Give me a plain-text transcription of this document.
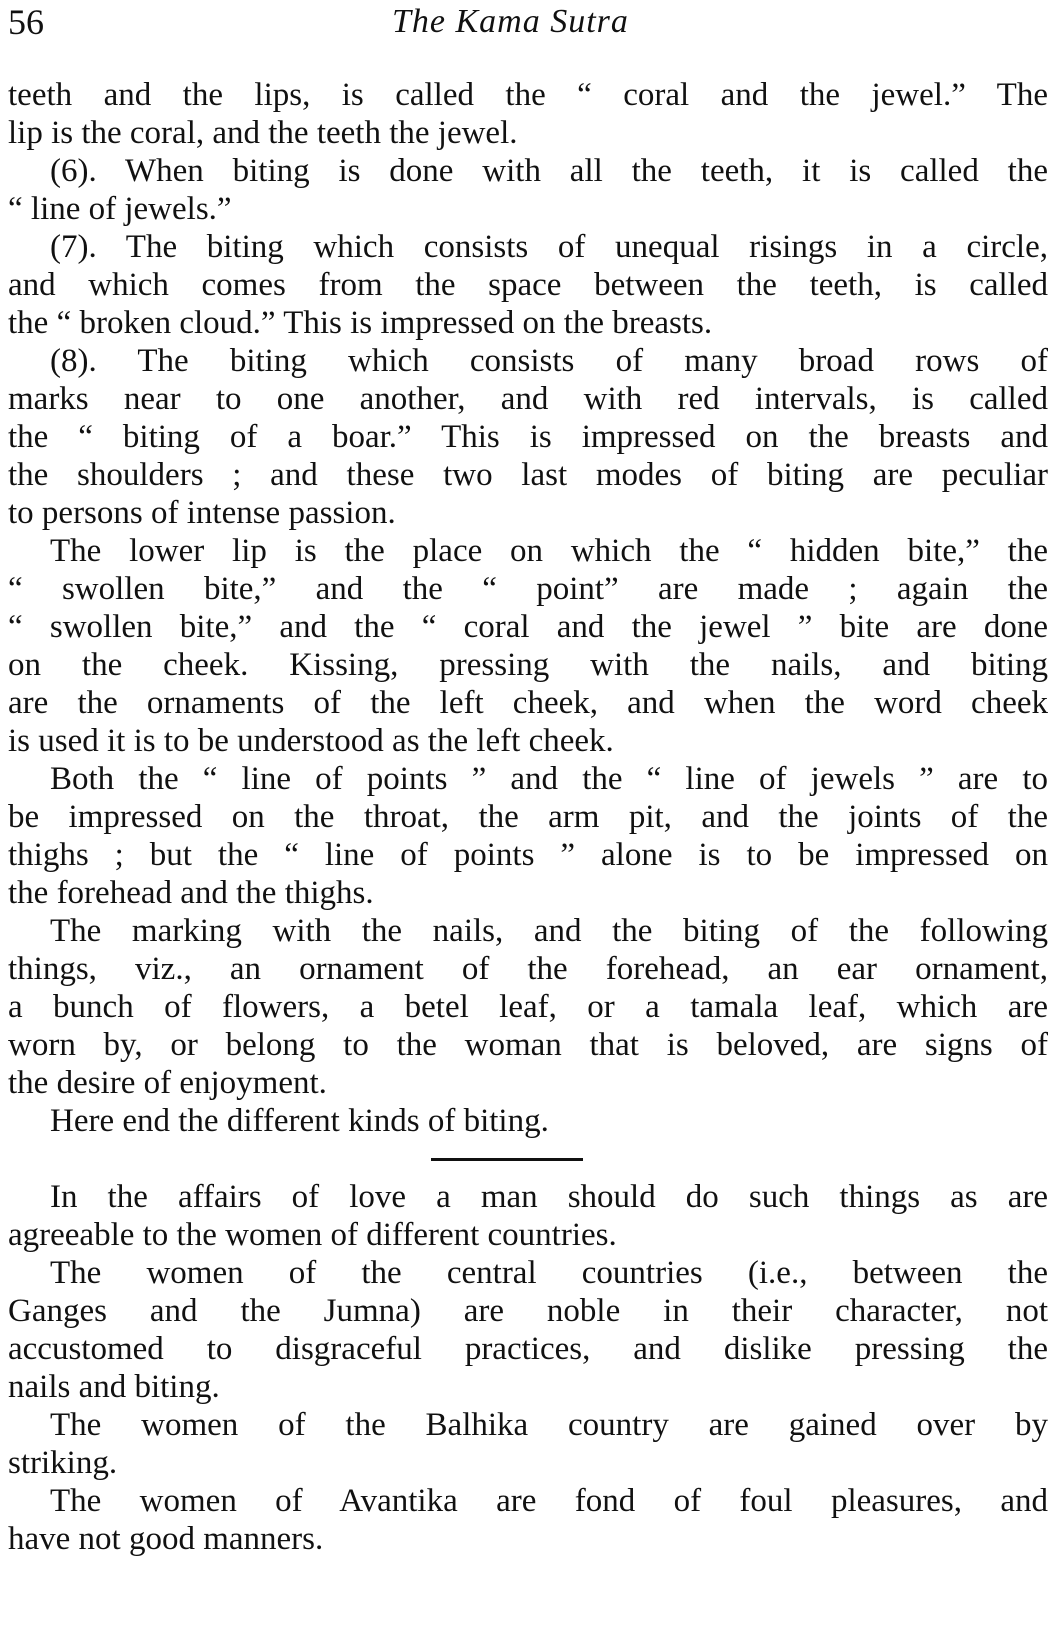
56	The Kama Sutra
teeth and the lips, is called the “ coral and the jewel.” The
lip is the coral, and the teeth the jewel.
(6). When biting is done with all the teeth, it is called the
“ line of jewels.”
(7). The biting which consists of unequal risings in a circle,
and which comes from the space between the teeth, is called
the “ broken cloud.” This is impressed on the breasts.
(8). The biting which consists of many broad rows of
marks near to one another, and with red intervals, is called
the “ biting of a boar.” This is impressed on the breasts and
the shoulders ; and these two last modes of biting are peculiar
to persons of intense passion.
The lower lip is the place on which the “ hidden bite,” the
“ swollen bite,” and the “ point” are made ; again the
“ swollen bite,” and the “ coral and the jewel ” bite are done
on the cheek. Kissing, pressing with the nails, and biting
are the ornaments of the left cheek, and when the word cheek
is used it is to be understood as the left cheek.
Both the “ line of points ” and the “ line of jewels ” are to
be impressed on the throat, the arm pit, and the joints of the
thighs ; but the “ line of points ” alone is to be impressed on
the forehead and the thighs.
The marking with the nails, and the biting of the following
things, viz., an ornament of the forehead, an ear ornament,
a bunch of flowers, a betel leaf, or a tamala leaf, which are
worn by, or belong to the woman that is beloved, are signs of
the desire of enjoyment.
Here end the different kinds of biting.
In the affairs of love a man should do such things as are
agreeable to the women of different countries.
The women of the central countries (i.e., between the
Ganges and the Jumna) are noble in their character, not
accustomed to disgraceful practices, and dislike pressing the
nails and biting.
The women of the Balhika country are gained over by
striking.
The women of Avantika are fond of foul pleasures, and
have not good manners.
